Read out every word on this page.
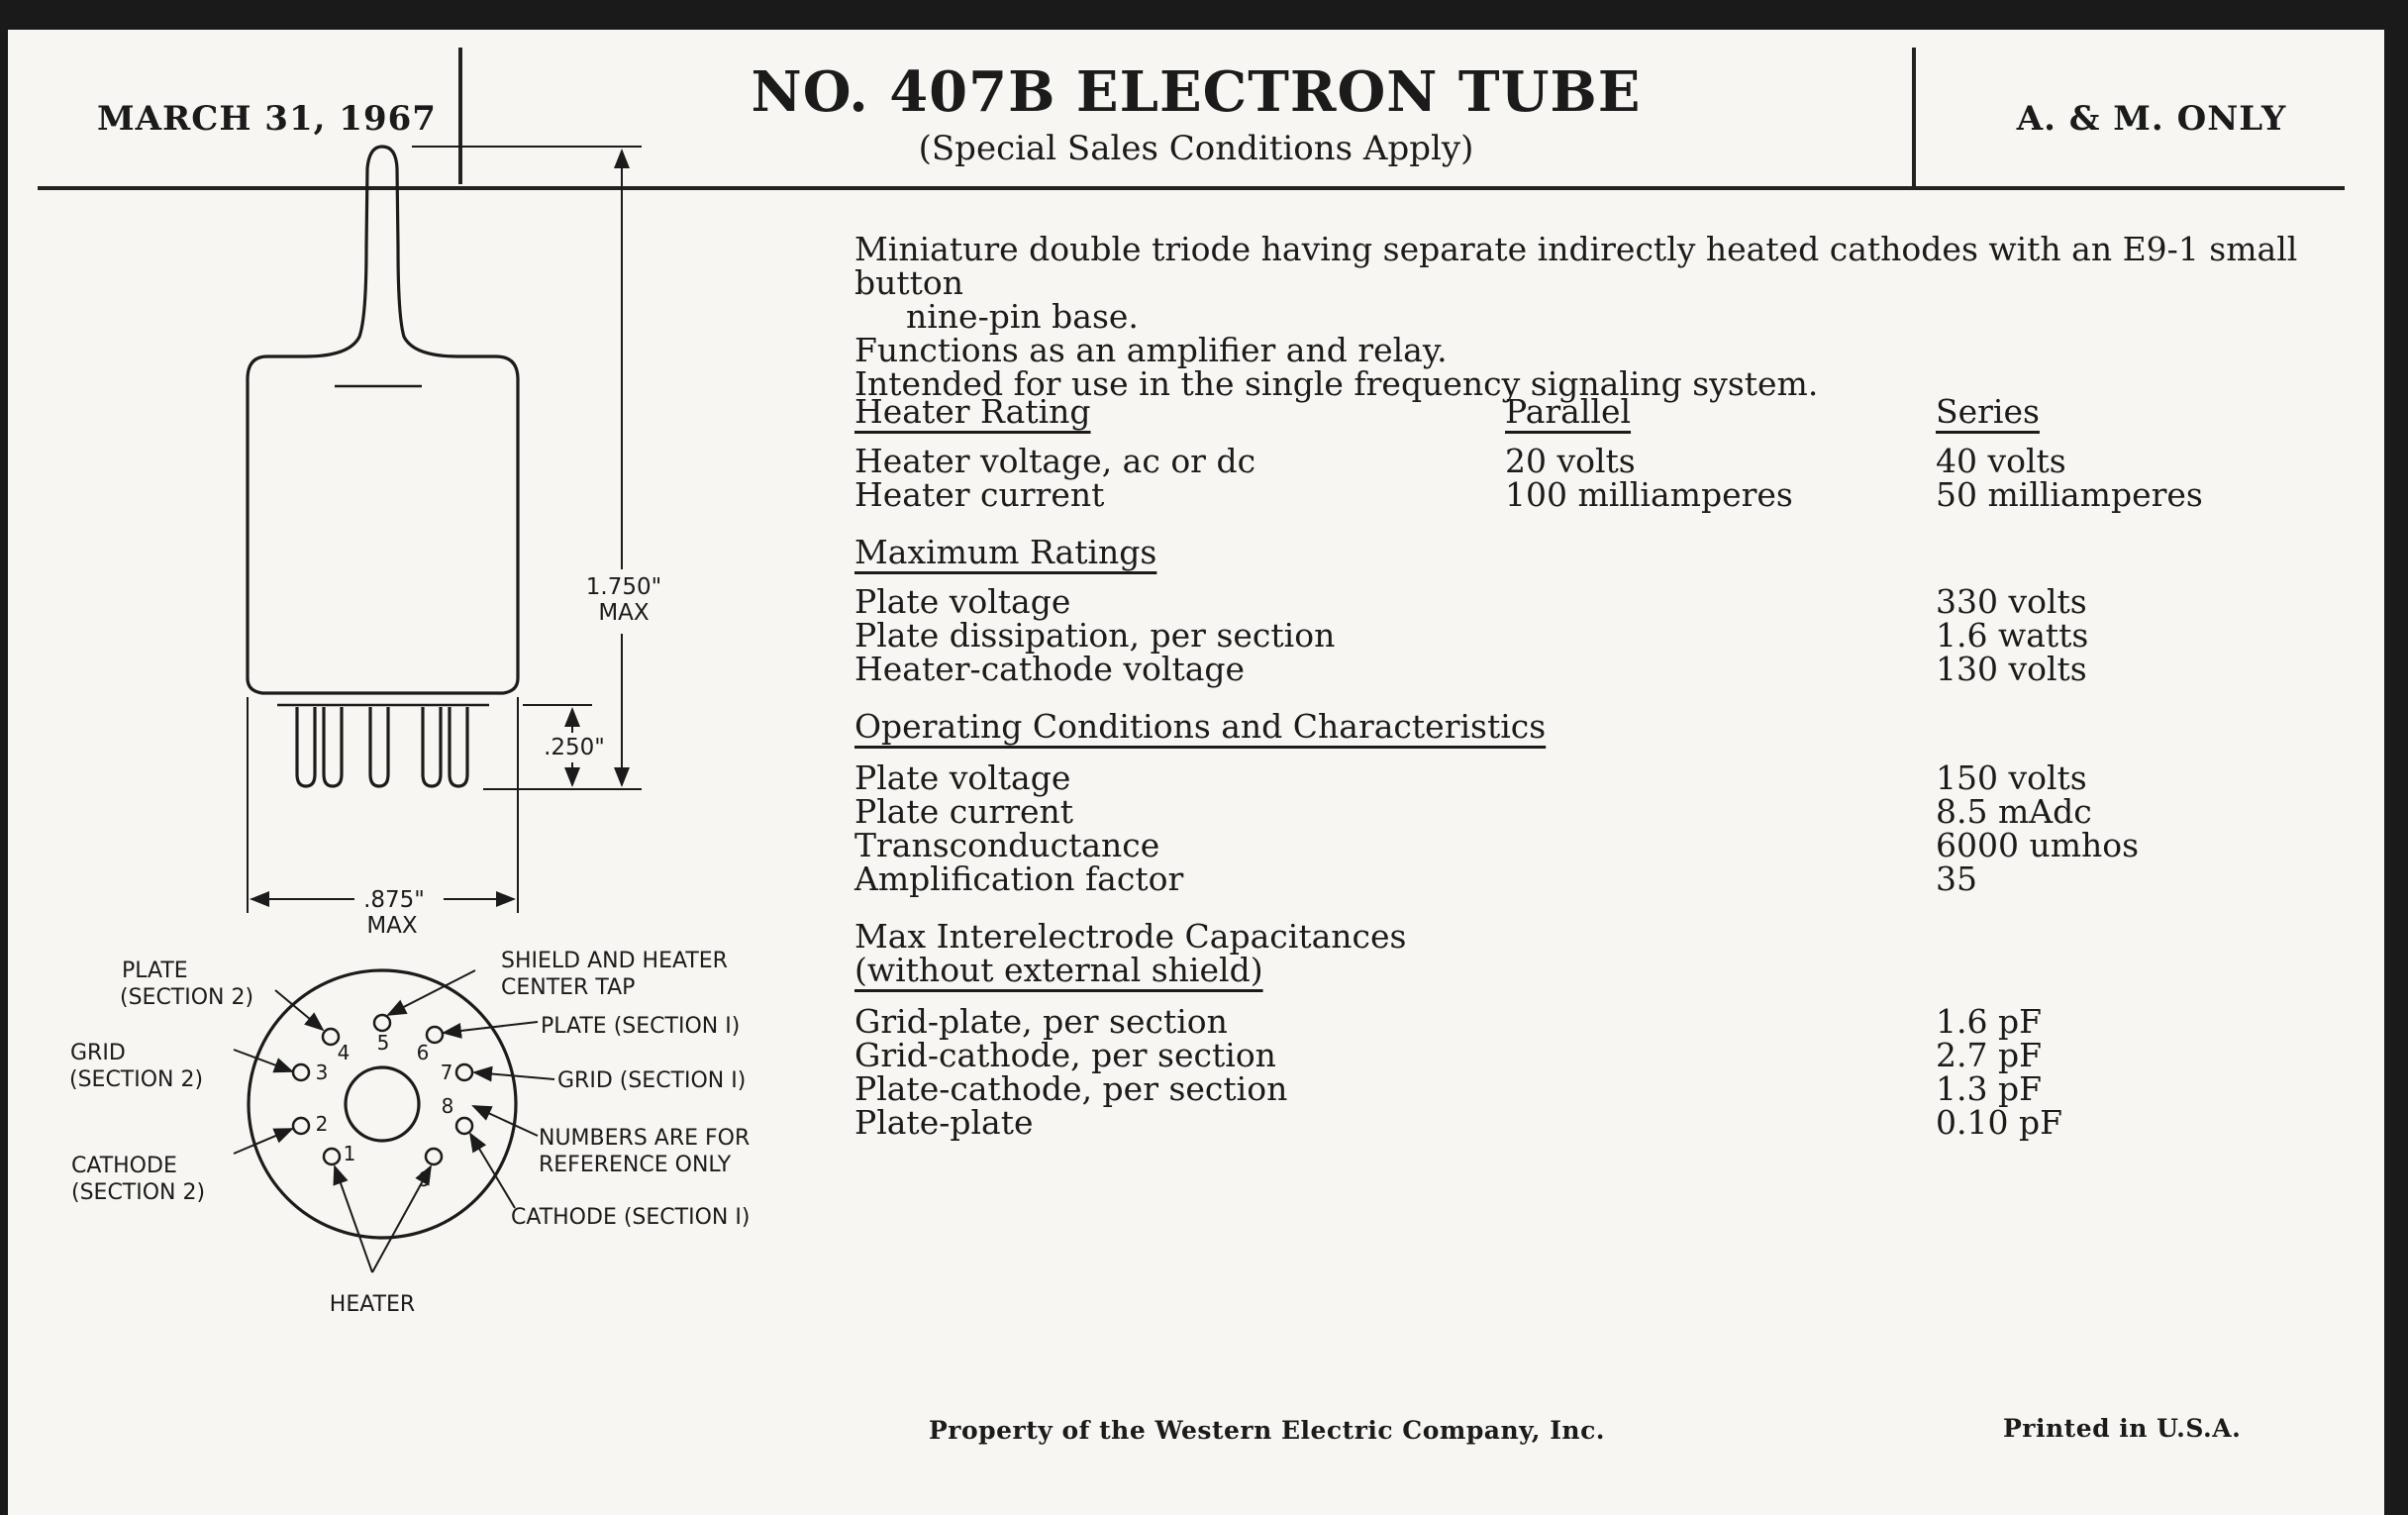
MARCH 31, 1967	NO. 407B ELECTRON TUBE
(Special Sales Conditions Apply)
A. & M. ONLY

Miniature double triode having separate indirectly heated cathodes with an E9-1 small button

nine-pin base.

Functions as an amplifier and relay.

Intended for use in the single frequency signaling system.

Heater Rating	Parallel	Series
Heater voltage, ac or dc	20 volts	40 volts
Heater current	100 milliamperes	50 milliamperes
Maximum Ratings
Plate voltage	330 volts
Plate dissipation, per section	1.6 watts
Heater-cathode voltage	130 volts
Operating Conditions and Characteristics
Plate voltage	150 volts
Plate current	8.5 mAdc
Transconductance	6000 umhos
Amplification factor	35
Max Interelectrode Capacitances
(without external shield)
Grid-plate, per section	1.6 pF
Grid-cathode, per section	2.7 pF
Plate-cathode, per section	1.3 pF
Plate-plate	0.10 pF
Property of the Western Electric Company, Inc.	Printed in U.S.A.
1.750"
MAX
.250"
.875"
MAX
1
2
3
4 5 6
7
8
9
PLATE
(SECTION 2)
GRID
(SECTION 2)
CATHODE
(SECTION 2)
SHIELD AND HEATER
CENTER TAP
PLATE (SECTION I)
GRID (SECTION I)
NUMBERS ARE FOR
REFERENCE ONLY
CATHODE (SECTION I)
HEATER
